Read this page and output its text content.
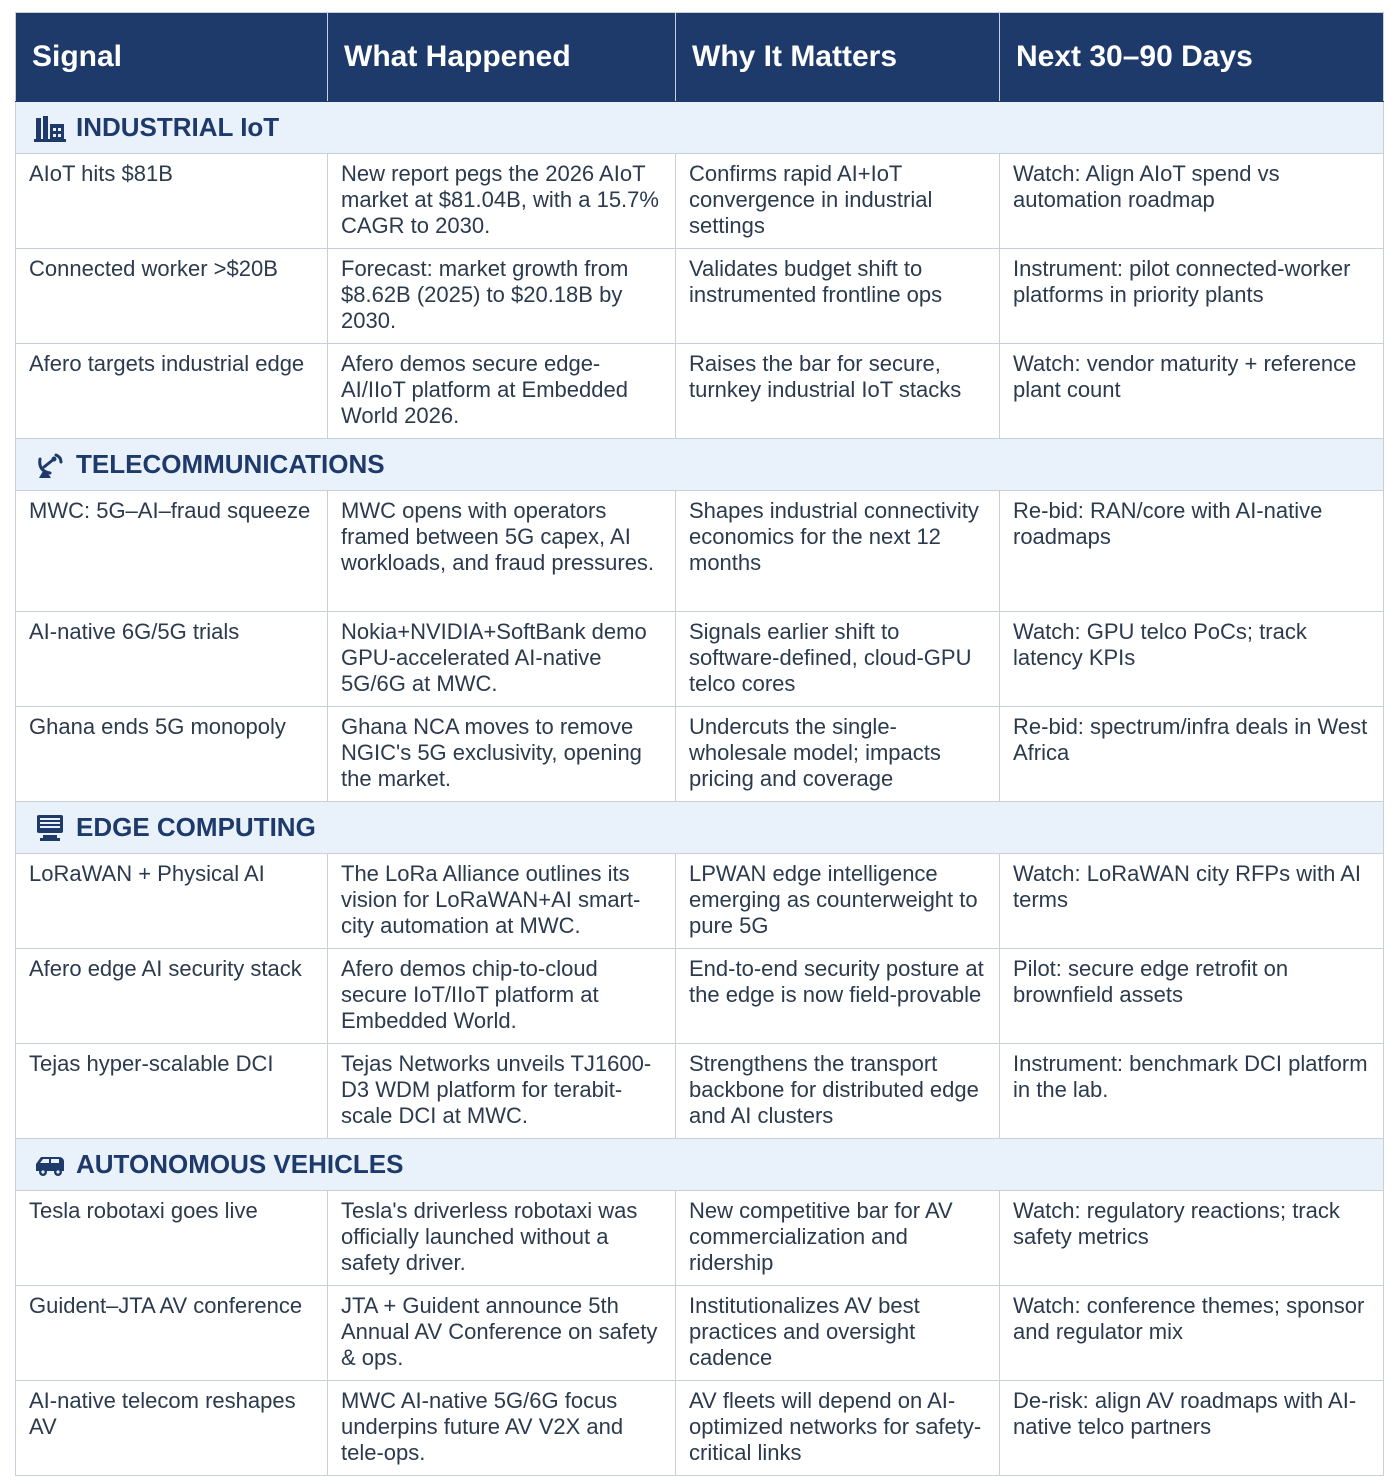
Signal	What Happened	Why It Matters	Next 30–90 Days

INDUSTRIAL IoT			

AIoT hits $81B	New report pegs the 2026 AIoT market at $81.04B, with a 15.7% CAGR to 2030.	Confirms rapid AI+IoT convergence in industrial settings	Watch: Align AIoT spend vs automation roadmap
Connected worker >$20B	Forecast: market growth from $8.62B (2025) to $20.18B by 2030.	Validates budget shift to instrumented frontline ops	Instrument: pilot connected-worker platforms in priority plants
Afero targets industrial edge	Afero demos secure edge-AI/IIoT platform at Embedded World 2026.	Raises the bar for secure, turnkey industrial IoT stacks	Watch: vendor maturity + reference plant count

TELECOMMUNICATIONS			

MWC: 5G–AI–fraud squeeze	MWC opens with operators framed between 5G capex, AI workloads, and fraud pressures.	Shapes industrial connectivity economics for the next 12 months	Re-bid: RAN/core with AI-native roadmaps
AI-native 6G/5G trials	Nokia+NVIDIA+SoftBank demo GPU-accelerated AI-native 5G/6G at MWC.	Signals earlier shift to software-defined, cloud-GPU telco cores	Watch: GPU telco PoCs; track latency KPIs
Ghana ends 5G monopoly	Ghana NCA moves to remove NGIC's 5G exclusivity, opening the market.	Undercuts the single-wholesale model; impacts pricing and coverage	Re-bid: spectrum/infra deals in West Africa

EDGE COMPUTING			

LoRaWAN + Physical AI	The LoRa Alliance outlines its vision for LoRaWAN+AI smart-city automation at MWC.	LPWAN edge intelligence emerging as counterweight to pure 5G	Watch: LoRaWAN city RFPs with AI terms
Afero edge AI security stack	Afero demos chip-to-cloud secure IoT/IIoT platform at Embedded World.	End-to-end security posture at the edge is now field-provable	Pilot: secure edge retrofit on brownfield assets
Tejas hyper-scalable DCI	Tejas Networks unveils TJ1600-D3 WDM platform for terabit-scale DCI at MWC.	Strengthens the transport backbone for distributed edge and AI clusters	Instrument: benchmark DCI platform in the lab.

AUTONOMOUS VEHICLES			

Tesla robotaxi goes live	Tesla's driverless robotaxi was officially launched without a safety driver.	New competitive bar for AV commercialization and ridership	Watch: regulatory reactions; track safety metrics
Guident–JTA AV conference	JTA + Guident announce 5th Annual AV Conference on safety & ops.	Institutionalizes AV best practices and oversight cadence	Watch: conference themes; sponsor and regulator mix
AI-native telecom reshapes AV	MWC AI-native 5G/6G focus underpins future AV V2X and tele-ops.	AV fleets will depend on AI-optimized networks for safety-critical links	De-risk: align AV roadmaps with AI-native telco partners
